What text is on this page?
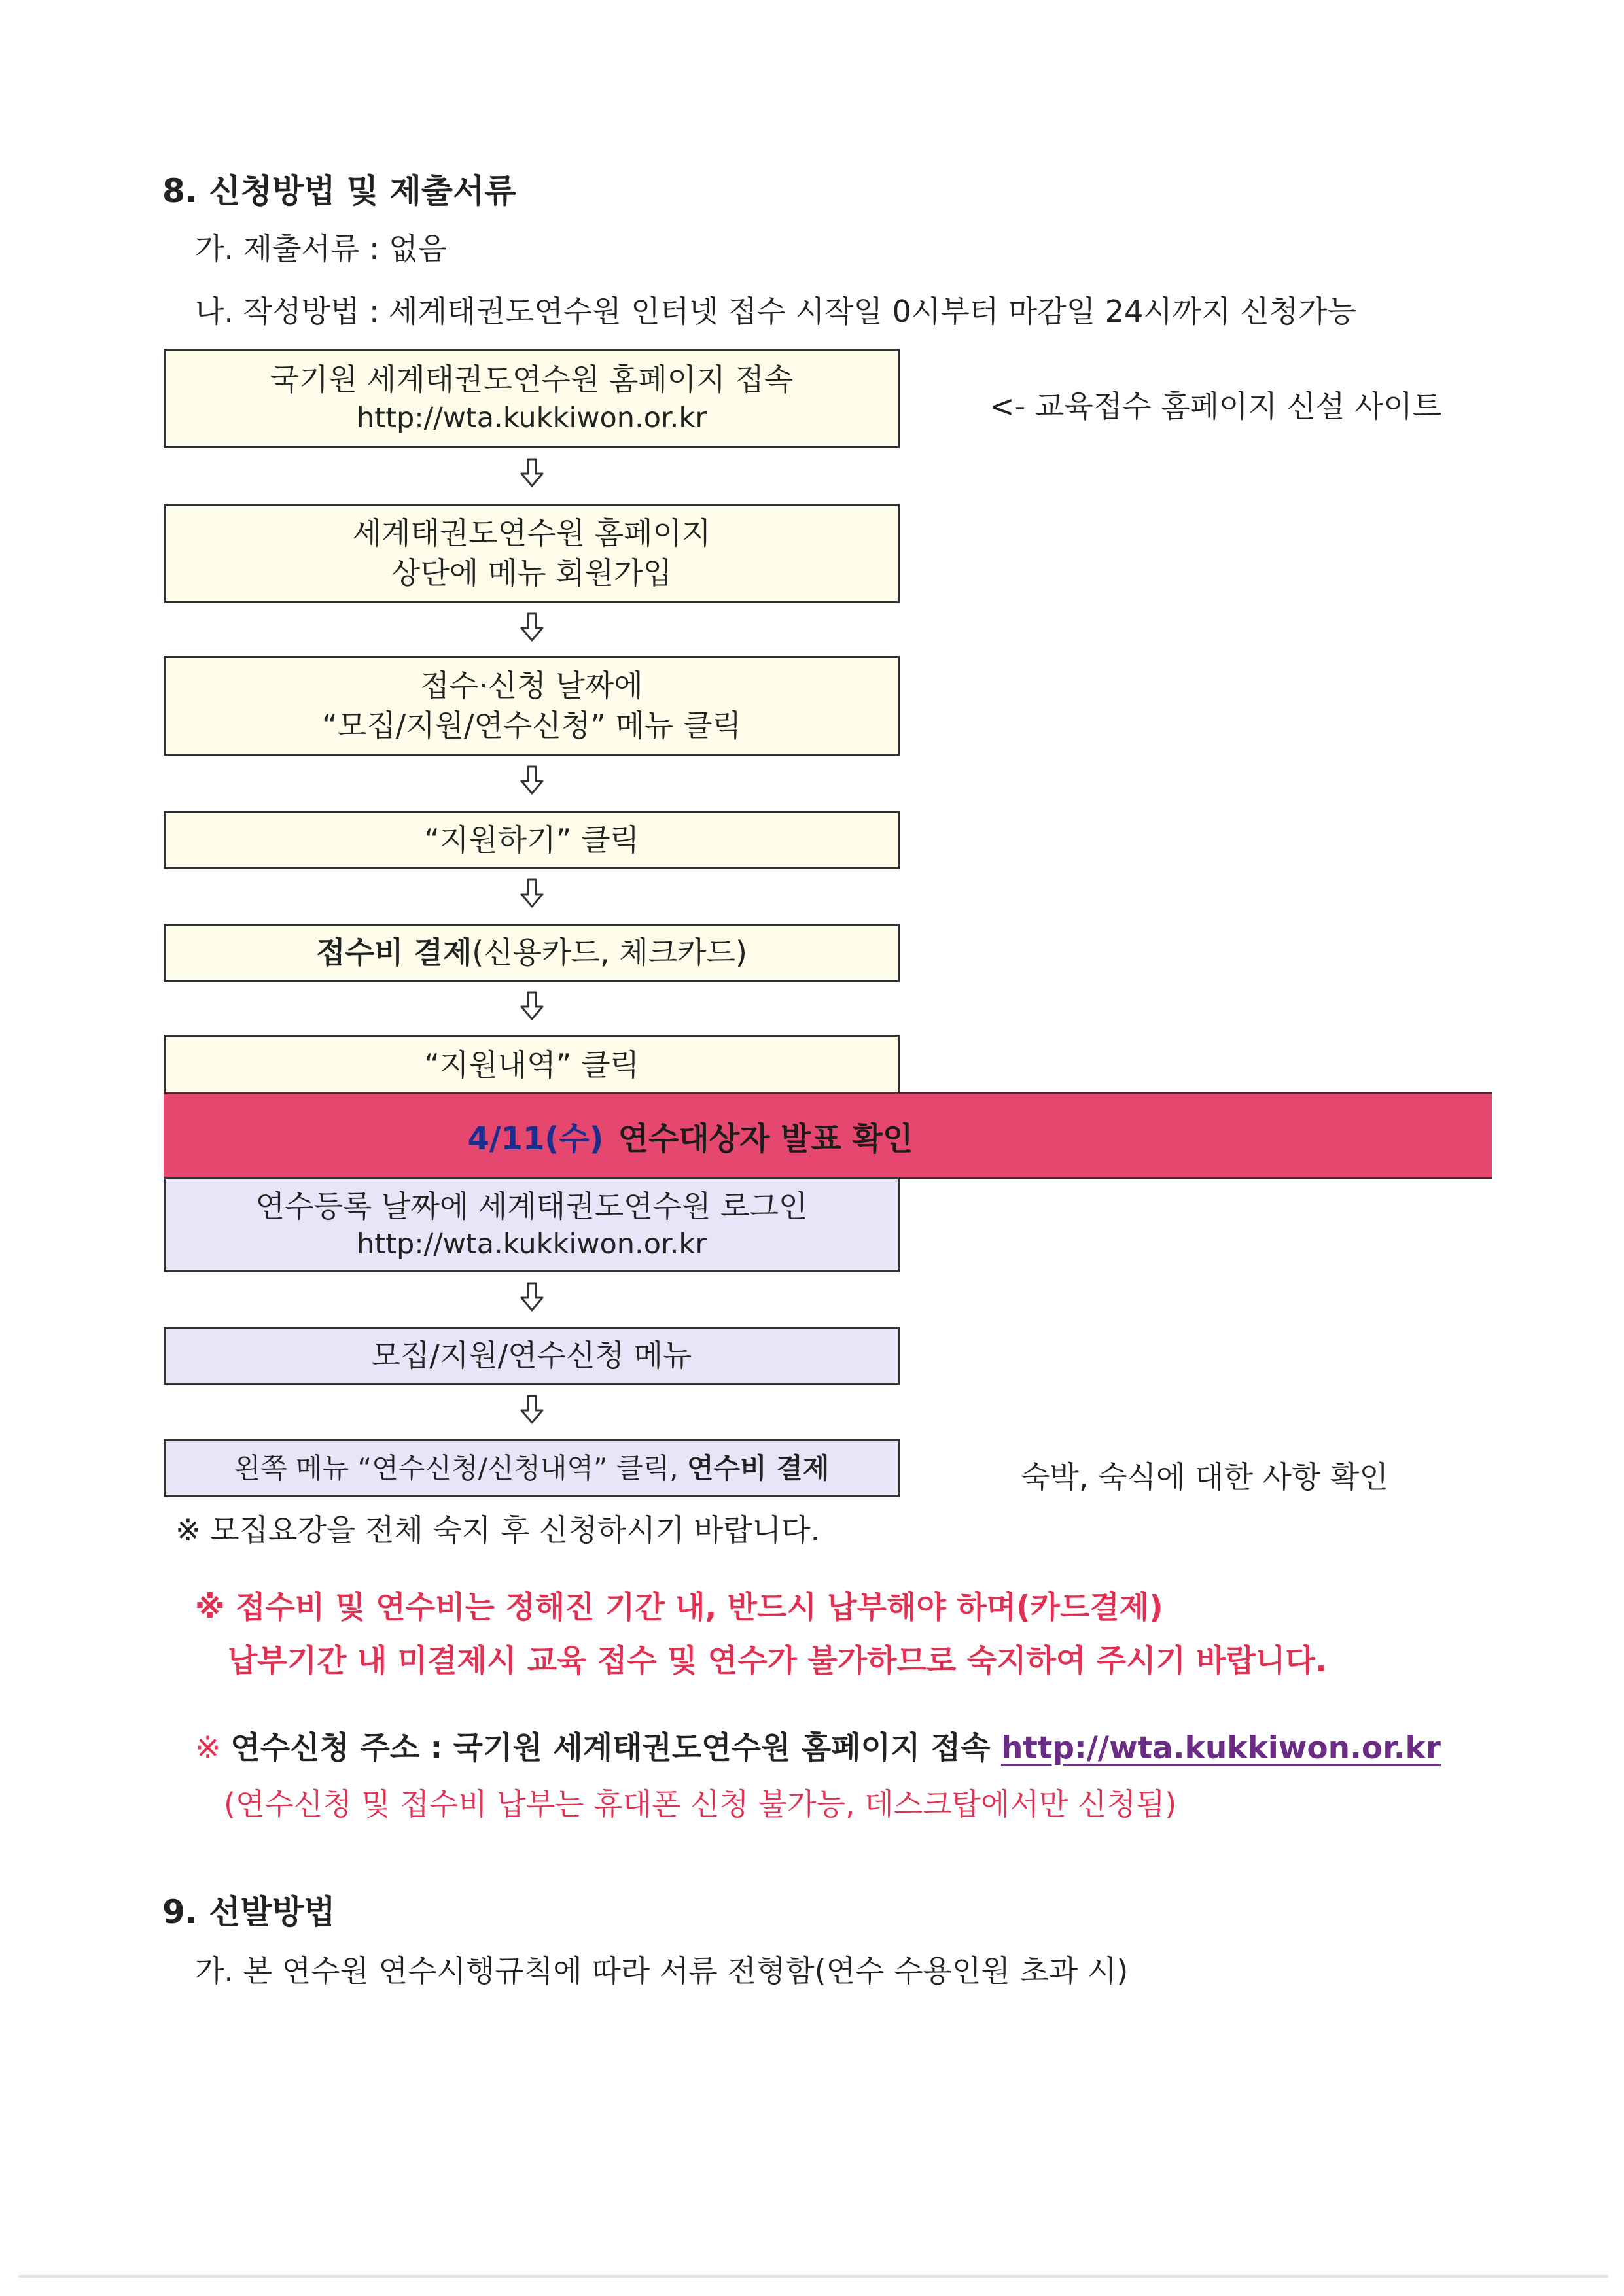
8. 신청방법 및 제출서류
가. 제출서류 : 없음
나. 작성방법 : 세계태권도연수원 인터넷 접수 시작일 0시부터 마감일 24시까지 신청가능
국기원 세계태권도연수원 홈페이지 접속
http://wta.kukkiwon.or.kr	<- 교육접수 홈페이지 신설 사이트
세계태권도연수원 홈페이지
상단에 메뉴 회원가입
접수·신청 날짜에
“모집/지원/연수신청” 메뉴 클릭
“지원하기” 클릭
접수비 결제(신용카드, 체크카드)
“지원내역” 클릭
4/11(수) 연수대상자 발표 확인
연수등록 날짜에 세계태권도연수원 로그인
http://wta.kukkiwon.or.kr
모집/지원/연수신청 메뉴
왼쪽 메뉴 “연수신청/신청내역” 클릭, 연수비 결제	숙박, 숙식에 대한 사항 확인
※ 모집요강을 전체 숙지 후 신청하시기 바랍니다.
※ 접수비 및 연수비는 정해진 기간 내, 반드시 납부해야 하며(카드결제)
납부기간 내 미결제시 교육 접수 및 연수가 불가하므로 숙지하여 주시기 바랍니다.
※ 연수신청 주소 : 국기원 세계태권도연수원 홈페이지 접속 http://wta.kukkiwon.or.kr
(연수신청 및 접수비 납부는 휴대폰 신청 불가능, 데스크탑에서만 신청됨)
9. 선발방법
가. 본 연수원 연수시행규칙에 따라 서류 전형함(연수 수용인원 초과 시)
